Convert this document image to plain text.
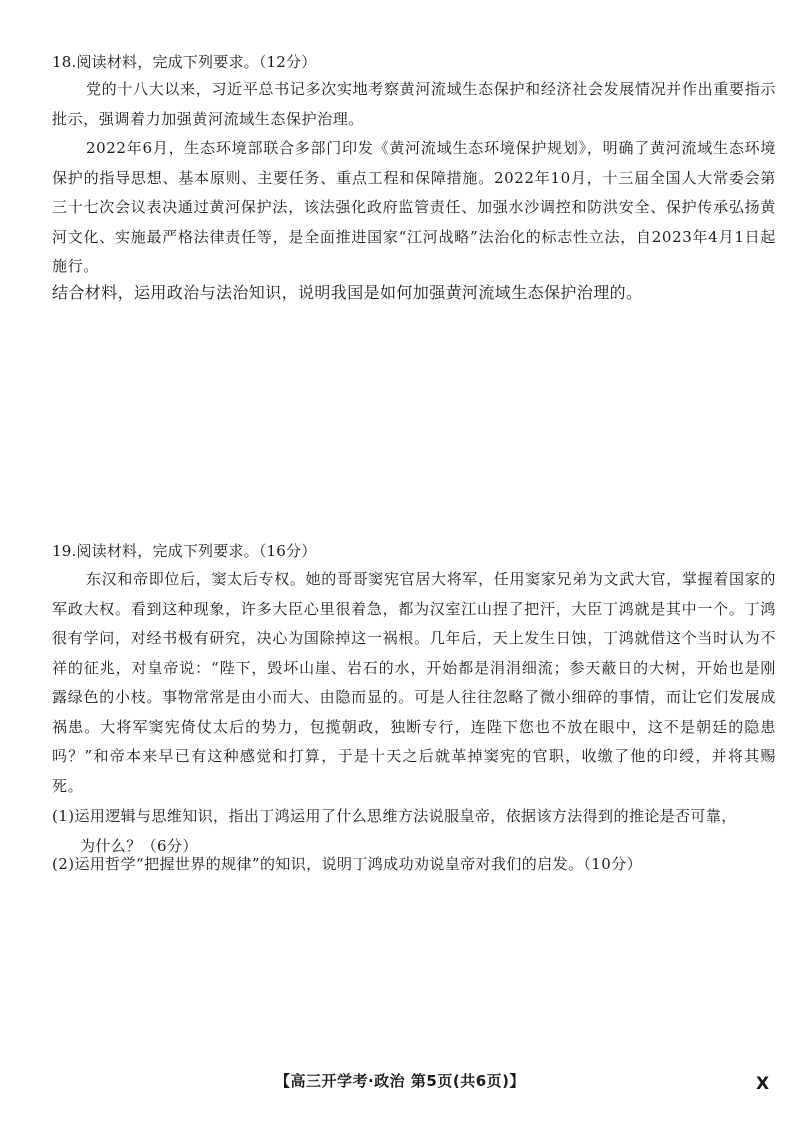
18.阅读材料，完成下列要求。（12分）
党的十八大以来，习近平总书记多次实地考察黄河流域生态保护和经济社会发展情况并作出重要指示批示，强调着力加强黄河流域生态保护治理。
2022年6月，生态环境部联合多部门印发《黄河流域生态环境保护规划》，明确了黄河流域生态环境保护的指导思想、基本原则、主要任务、重点工程和保障措施。2022年10月，十三届全国人大常委会第三十七次会议表决通过黄河保护法，该法强化政府监管责任、加强水沙调控和防洪安全、保护传承弘扬黄河文化、实施最严格法律责任等，是全面推进国家“江河战略”法治化的标志性立法，自2023年4月1日起施行。
结合材料，运用政治与法治知识，说明我国是如何加强黄河流域生态保护治理的。
19.阅读材料，完成下列要求。（16分）
东汉和帝即位后，窦太后专权。她的哥哥窦宪官居大将军，任用窦家兄弟为文武大官，掌握着国家的军政大权。看到这种现象，许多大臣心里很着急，都为汉室江山捏了把汗，大臣丁鸿就是其中一个。丁鸿很有学问，对经书极有研究，决心为国除掉这一祸根。几年后，天上发生日蚀，丁鸿就借这个当时认为不祥的征兆，对皇帝说：“陛下，毁坏山崖、岩石的水，开始都是涓涓细流；参天蔽日的大树，开始也是刚露绿色的小枝。事物常常是由小而大、由隐而显的。可是人往往忽略了微小细碎的事情，而让它们发展成祸患。大将军窦宪倚仗太后的势力，包揽朝政，独断专行，连陛下您也不放在眼中，这不是朝廷的隐患吗？”和帝本来早已有这种感觉和打算，于是十天之后就革掉窦宪的官职，收缴了他的印绶，并将其赐死。
(1)运用逻辑与思维知识，指出丁鸿运用了什么思维方法说服皇帝，依据该方法得到的推论是否可靠，
为什么？（6分）
(2)运用哲学“把握世界的规律”的知识，说明丁鸿成功劝说皇帝对我们的启发。（10分）
【高三开学考·政治 第5页(共6页)】	X
